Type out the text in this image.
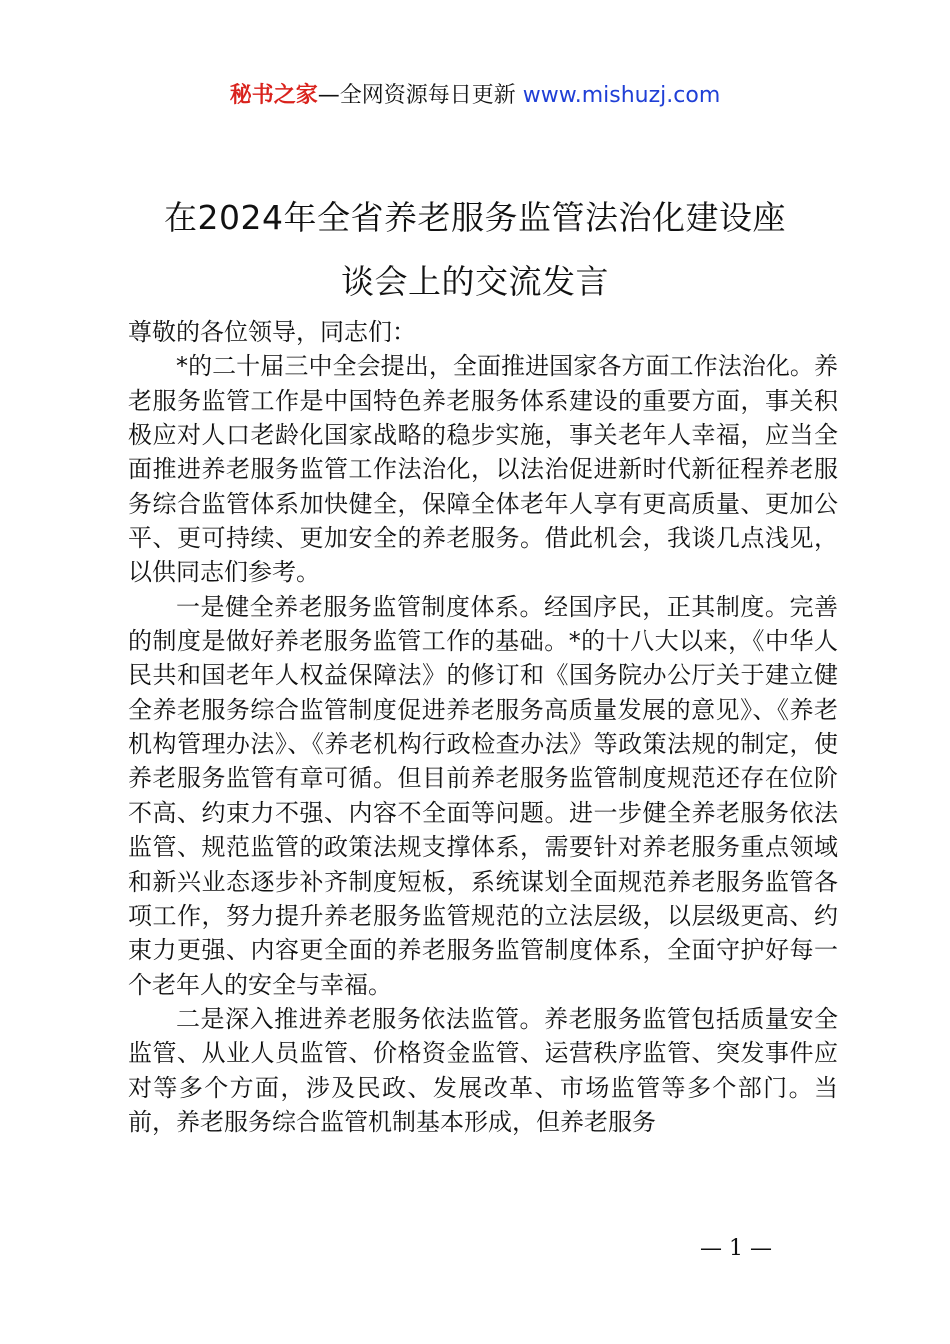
秘书之家—全网资源每日更新 www.mishuzj.com
在2024年全省养老服务监管法治化建设座
谈会上的交流发言

尊敬的各位领导，同志们：

*的二十届三中全会提出，全面推进国家各方面工作法治化。养老服务监管工作是中国特色养老服务体系建设的重要方面，事关积极应对人口老龄化国家战略的稳步实施，事关老年人幸福，应当全面推进养老服务监管工作法治化，以法治促进新时代新征程养老服务综合监管体系加快健全，保障全体老年人享有更高质量、更加公平、更可持续、更加安全的养老服务。借此机会，我谈几点浅见，以供同志们参考。

一是健全养老服务监管制度体系。经国序民，正其制度。完善的制度是做好养老服务监管工作的基础。*的十八大以来，《中华人民共和国老年人权益保障法》的修订和《国务院办公厅关于建立健全养老服务综合监管制度促进养老服务高质量发展的意见》、《养老机构管理办法》、《养老机构行政检查办法》等政策法规的制定，使养老服务监管有章可循。但目前养老服务监管制度规范还存在位阶不高、约束力不强、内容不全面等问题。进一步健全养老服务依法监管、规范监管的政策法规支撑体系，需要针对养老服务重点领域和新兴业态逐步补齐制度短板，系统谋划全面规范养老服务监管各项工作，努力提升养老服务监管规范的立法层级，以层级更高、约束力更强、内容更全面的养老服务监管制度体系，全面守护好每一个老年人的安全与幸福。

二是深入推进养老服务依法监管。养老服务监管包括质量安全监管、从业人员监管、价格资金监管、运营秩序监管、突发事件应对等多个方面，涉及民政、发展改革、市场监管等多个部门。当前，养老服务综合监管机制基本形成，但养老服务

— 1 —
